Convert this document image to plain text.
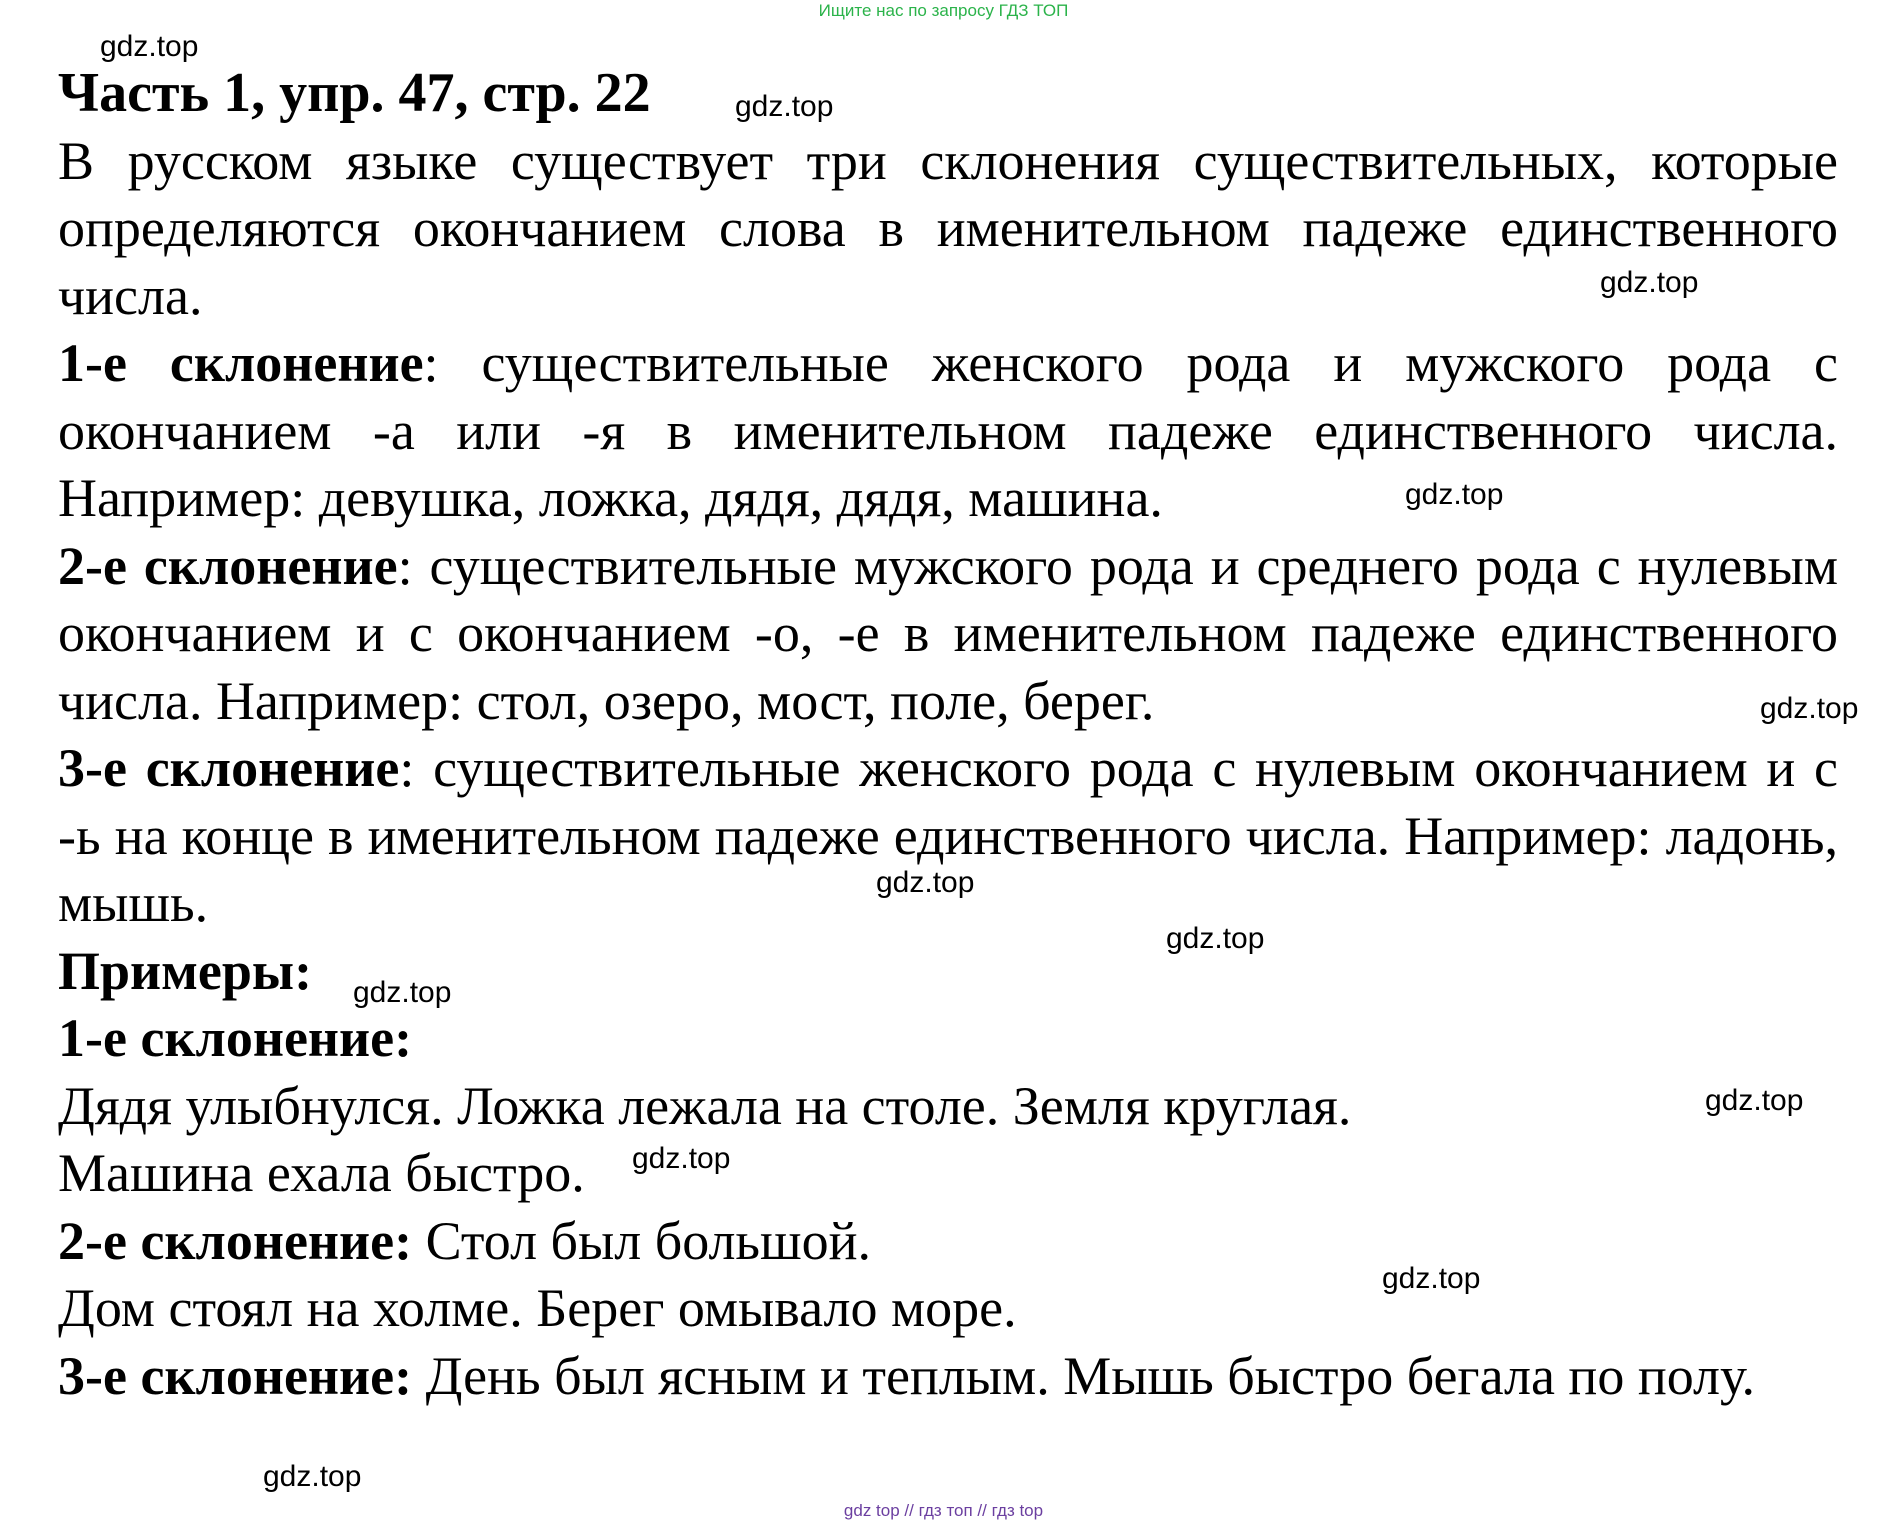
Ищите нас по запросу ГДЗ ТОП

Часть 1, упр. 47, стр. 22

В русском языке существует три склонения существительных, которые определяются окончанием слова в именительном падеже единственного числа.

1-е склонение: существительные женского рода и мужского рода с окончанием -а или -я в именительном падеже единственного числа. Например: девушка, ложка, дядя, дядя, машина.

2-е склонение: существительные мужского рода и среднего рода с нулевым окончанием и с окончанием -о, -е в именительном падеже единственного числа. Например: стол, озеро, мост, поле, берег.

3-е склонение: существительные женского рода с нулевым окончанием и с -ь на конце в именительном падеже единственного числа. Например: ладонь, мышь.

Примеры:

1-е склонение:

Дядя улыбнулся. Ложка лежала на столе. Земля круглая.

Машина ехала быстро.

2-е склонение: Стол был большой.

Дом стоял на холме. Берег омывало море.

3-е склонение: День был ясным и теплым. Мышь быстро бегала по полу.

gdz.top
gdz.top
gdz.top
gdz.top
gdz.top
gdz.top
gdz.top
gdz.top
gdz.top
gdz.top
gdz.top
gdz.top
gdz top // гдз топ // гдз top
